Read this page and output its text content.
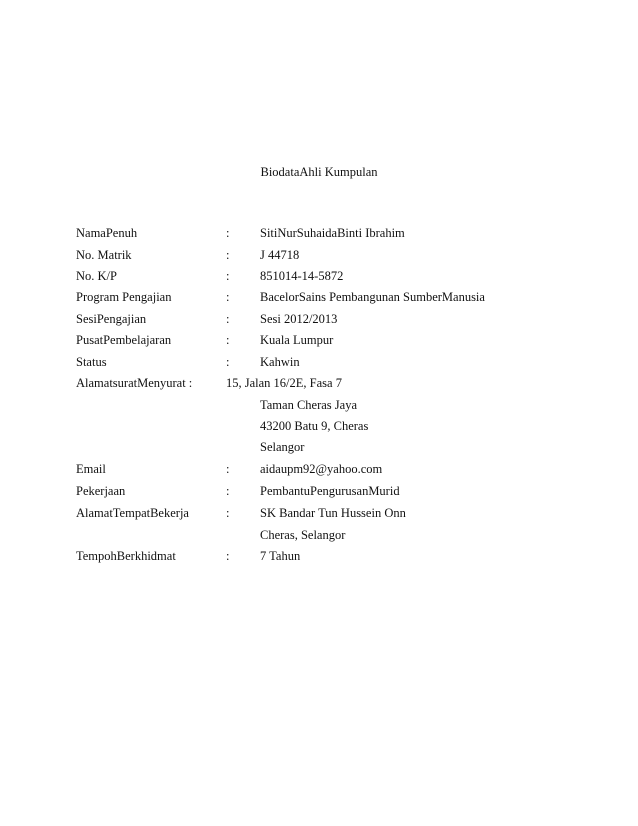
BiodataAhli Kumpulan
NamaPenuh	: SitiNurSuhaidaBinti Ibrahim
No. Matrik	: J 44718
No. K/P	: 851014-14-5872
Program Pengajian	: BacelorSains Pembangunan SumberManusia
SesiPengajian	: Sesi 2012/2013
PusatPembelajaran	: Kuala Lumpur
Status	: Kahwin
AlamatsuratMenyurat :	15, Jalan 16/2E, Fasa 7
Taman Cheras Jaya
43200 Batu 9, Cheras
Selangor
Email	: aidaupm92@yahoo.com
Pekerjaan	: PembantuPengurusanMurid
AlamatTempatBekerja	: SK Bandar Tun Hussein Onn
Cheras, Selangor
TempohBerkhidmat	: 7 Tahun
